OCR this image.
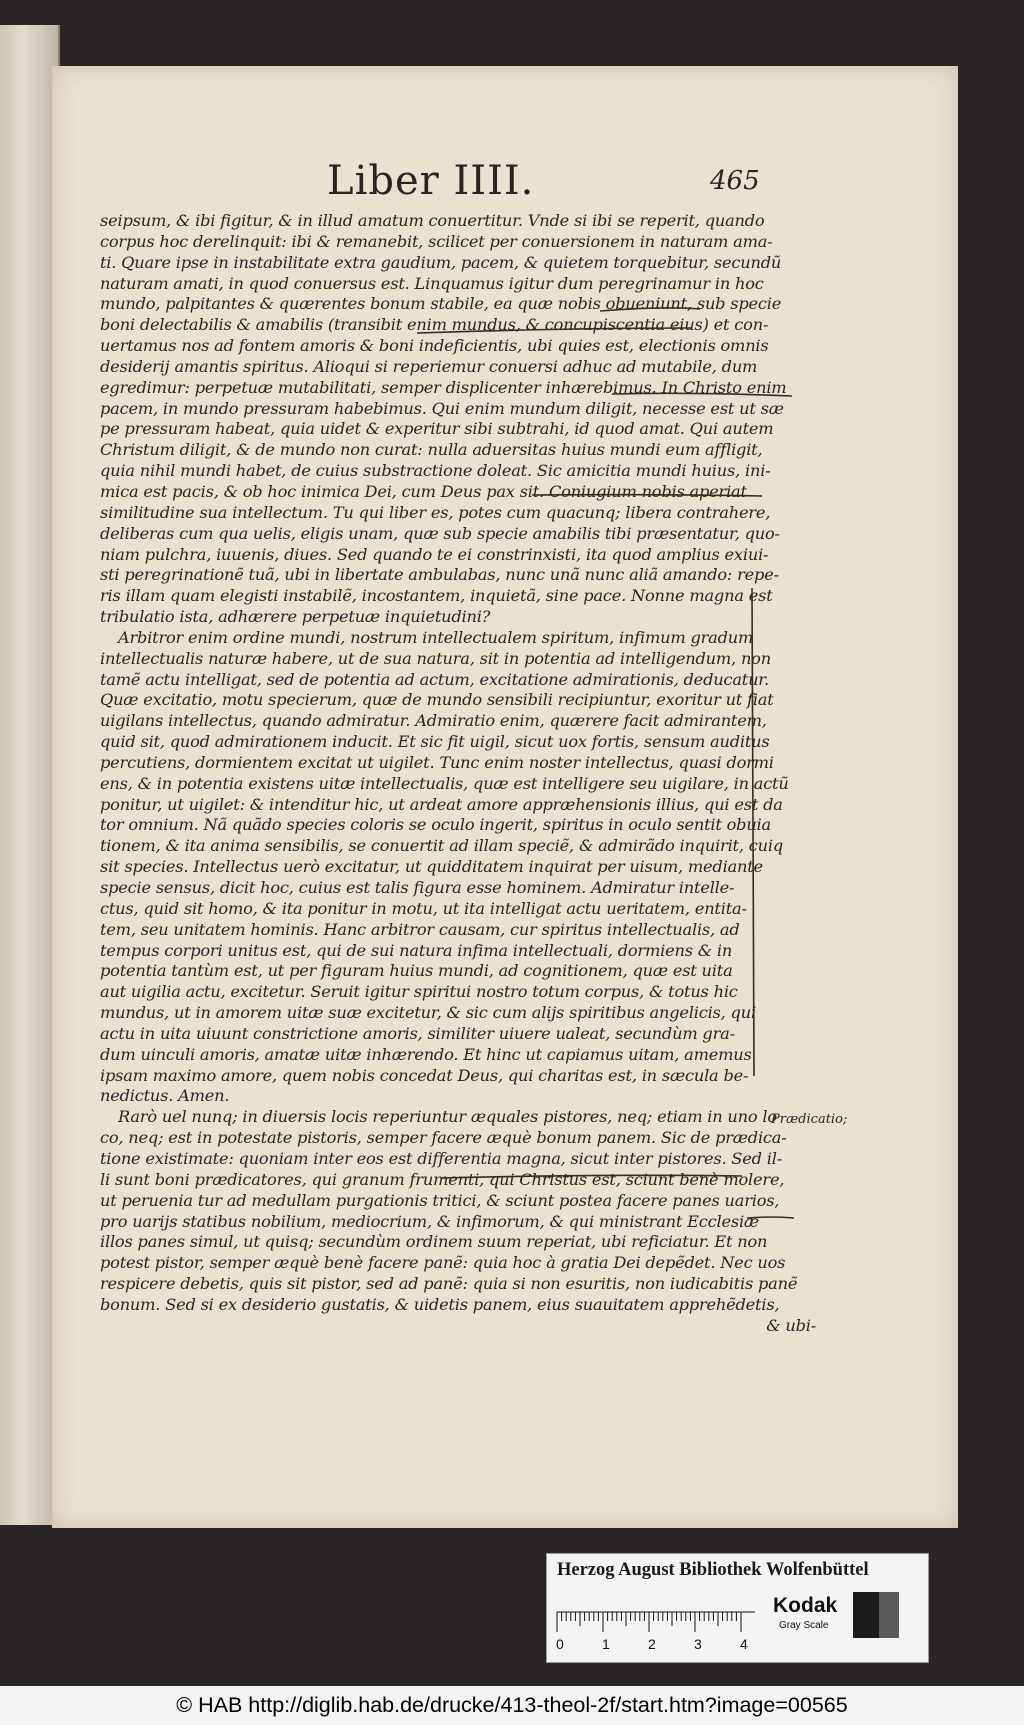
Liber IIII.	465
seipsum, & ibi figitur, & in illud amatum conuertitur. Vnde si ibi se reperit, quando
corpus hoc derelinquit: ibi & remanebit, scilicet per conuersionem in naturam ama-
ti. Quare ipse in instabilitate extra gaudium, pacem, & quietem torquebitur, secundũ
naturam amati, in quod conuersus est. Linquamus igitur dum peregrinamur in hoc
mundo, palpitantes & quærentes bonum stabile, ea quæ nobis obueniunt, sub specie
boni delectabilis & amabilis (transibit enim mundus, & concupiscentia eius) et con-
uertamus nos ad fontem amoris & boni indeficientis, ubi quies est, electionis omnis
desiderij amantis spiritus. Alioqui si reperiemur conuersi adhuc ad mutabile, dum
egredimur: perpetuæ mutabilitati, semper displicenter inhærebimus. In Christo enim
pacem, in mundo pressuram habebimus. Qui enim mundum diligit, necesse est ut sæ
pe pressuram habeat, quia uidet & experitur sibi subtrahi, id quod amat. Qui autem
Christum diligit, & de mundo non curat: nulla aduersitas huius mundi eum affligit,
quia nihil mundi habet, de cuius substractione doleat. Sic amicitia mundi huius, ini-
mica est pacis, & ob hoc inimica Dei, cum Deus pax sit. Coniugium nobis aperiat
similitudine sua intellectum. Tu qui liber es, potes cum quacunq; libera contrahere,
deliberas cum qua uelis, eligis unam, quæ sub specie amabilis tibi præsentatur, quo-
niam pulchra, iuuenis, diues. Sed quando te ei constrinxisti, ita quod amplius exiui-
sti peregrinationẽ tuã, ubi in libertate ambulabas, nunc unã nunc aliã amando: repe-
ris illam quam elegisti instabilẽ, incostantem, inquietã, sine pace. Nonne magna est
tribulatio ista, adhærere perpetuæ inquietudini?
Arbitror enim ordine mundi, nostrum intellectualem spiritum, infimum gradum
intellectualis naturæ habere, ut de sua natura, sit in potentia ad intelligendum, non
tamẽ actu intelligat, sed de potentia ad actum, excitatione admirationis, deducatur.
Quæ excitatio, motu specierum, quæ de mundo sensibili recipiuntur, exoritur ut fiat
uigilans intellectus, quando admiratur. Admiratio enim, quærere facit admirantem,
quid sit, quod admirationem inducit. Et sic fit uigil, sicut uox fortis, sensum auditus
percutiens, dormientem excitat ut uigilet. Tunc enim noster intellectus, quasi dormi
ens, & in potentia existens uitæ intellectualis, quæ est intelligere seu uigilare, in actũ
ponitur, ut uigilet: & intenditur hic, ut ardeat amore appræhensionis illius, qui est da
tor omnium. Nã quãdo species coloris se oculo ingerit, spiritus in oculo sentit obuia
tionem, & ita anima sensibilis, se conuertit ad illam speciẽ, & admirãdo inquirit, cuiq
sit species. Intellectus uerò excitatur, ut quidditatem inquirat per uisum, mediante
specie sensus, dicit hoc, cuius est talis figura esse hominem. Admiratur intelle-
ctus, quid sit homo, & ita ponitur in motu, ut ita intelligat actu ueritatem, entita-
tem, seu unitatem hominis. Hanc arbitror causam, cur spiritus intellectualis, ad
tempus corpori unitus est, qui de sui natura infima intellectuali, dormiens & in
potentia tantùm est, ut per figuram huius mundi, ad cognitionem, quæ est uita
aut uigilia actu, excitetur. Seruit igitur spiritui nostro totum corpus, & totus hic
mundus, ut in amorem uitæ suæ excitetur, & sic cum alijs spiritibus angelicis, qui
actu in uita uiuunt constrictione amoris, similiter uiuere ualeat, secundùm gra-
dum uinculi amoris, amatæ uitæ inhærendo. Et hinc ut capiamus uitam, amemus
ipsam maximo amore, quem nobis concedat Deus, qui charitas est, in sæcula be-
nedictus. Amen.
Rarò uel nunq; in diuersis locis reperiuntur æquales pistores, neq; etiam in uno lo
co, neq; est in potestate pistoris, semper facere æquè bonum panem. Sic de prædica-
tione existimate: quoniam inter eos est differentia magna, sicut inter pistores. Sed il-
li sunt boni prædicatores, qui granum frumenti, qui Christus est, sciunt benè molere,
ut peruenia tur ad medullam purgationis tritici, & sciunt postea facere panes uarios,
pro uarijs statibus nobilium, mediocrium, & infimorum, & qui ministrant Ecclesiæ
illos panes simul, ut quisq; secundùm ordinem suum reperiat, ubi reficiatur. Et non
potest pistor, semper æquè benè facere panẽ: quia hoc à gratia Dei depẽdet. Nec uos
respicere debetis, quis sit pistor, sed ad panẽ: quia si non esuritis, non iudicabitis panẽ
bonum. Sed si ex desiderio gustatis, & uidetis panem, eius suauitatem apprehẽdetis,
& ubi-
Prædicatio;
Herzog August Bibliothek Wolfenbüttel
0	1	2	3	4
Kodak
Gray Scale
© HAB http://diglib.hab.de/drucke/413-theol-2f/start.htm?image=00565
